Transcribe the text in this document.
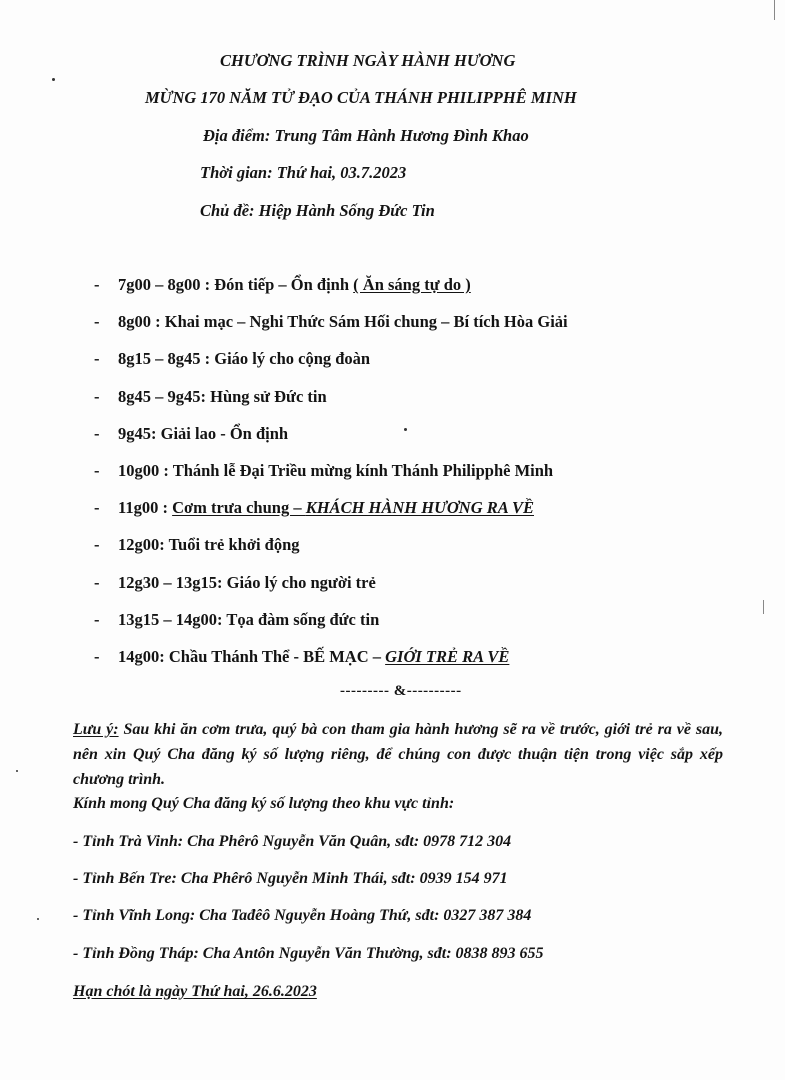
CHƯƠNG TRÌNH NGÀY HÀNH HƯƠNG
MỪNG 170 NĂM TỬ ĐẠO CỦA THÁNH PHILIPPHÊ MINH
Địa điểm: Trung Tâm Hành Hương Đình Khao
Thời gian: Thứ hai, 03.7.2023
Chủ đề: Hiệp Hành Sống Đức Tin
- 7g00 – 8g00 : Đón tiếp – Ổn định ( Ăn sáng tự do )
- 8g00 : Khai mạc – Nghi Thức Sám Hối chung – Bí tích Hòa Giải
- 8g15 – 8g45 : Giáo lý cho cộng đoàn
- 8g45 – 9g45: Hùng sử Đức tin
- 9g45: Giải lao - Ổn định
- 10g00 : Thánh lễ Đại Triều mừng kính Thánh Philipphê Minh
- 11g00 : Cơm trưa chung – KHÁCH HÀNH HƯƠNG RA VỀ
- 12g00: Tuổi trẻ khởi động
- 12g30 – 13g15: Giáo lý cho người trẻ
- 13g15 – 14g00: Tọa đàm sống đức tin
- 14g00: Chầu Thánh Thể - BẾ MẠC – GIỚI TRẺ RA VỀ
--------- &----------
Lưu ý: Sau khi ăn cơm trưa, quý bà con tham gia hành hương sẽ ra về trước, giới trẻ ra về sau, nên xin Quý Cha đăng ký số lượng riêng, để chúng con được thuận tiện trong việc sắp xếp chương trình.
Kính mong Quý Cha đăng ký số lượng theo khu vực tỉnh:
- Tỉnh Trà Vinh: Cha Phêrô Nguyễn Văn Quân, sđt: 0978 712 304
- Tỉnh Bến Tre: Cha Phêrô Nguyễn Minh Thái, sđt: 0939 154 971
- Tỉnh Vĩnh Long: Cha Tađêô Nguyễn Hoàng Thứ, sđt: 0327 387 384
- Tỉnh Đồng Tháp: Cha Antôn Nguyễn Văn Thường, sđt: 0838 893 655
Hạn chót là ngày Thứ hai, 26.6.2023
